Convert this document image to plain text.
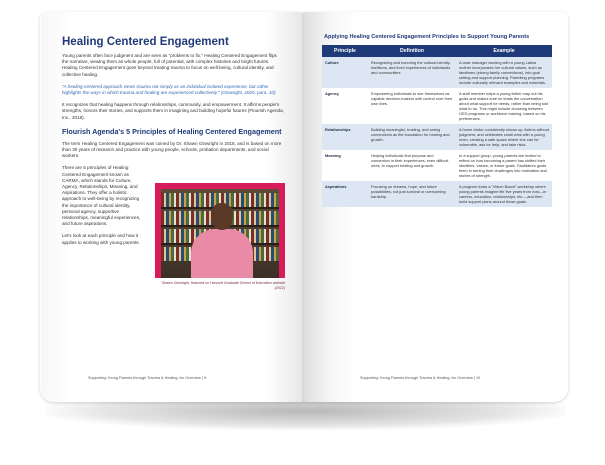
Healing Centered Engagement

Young parents often face judgment and are seen as "problems to fix." Healing Centered Engagement flips the narrative, viewing them as whole people, full of potential, with complex histories and bright futures. Healing Centered Engagement goes beyond treating trauma to focus on well-being, cultural identity, and collective healing.

"A healing-centered approach views trauma not simply as an individual isolated experience, but rather highlights the ways in which trauma and healing are experienced collectively." (Ginwright, 2020, para. 10)

It recognizes that healing happens through relationships, community, and empowerment. It affirms people's strengths, honors their stories, and supports them in imagining and building hopeful futures (Flourish Agenda, Inc., 2018).

Flourish Agenda's 5 Principles of Healing Centered Engagement

The term Healing Centered Engagement was coined by Dr. Shawn Ginwright in 2018, and is based on more than 30 years of research and practice with young people, schools, probation departments, and social workers.

There are 5 principles of Healing Centered Engagement known as CARMA, which stands for Culture, Agency, Relationships, Meaning, and Aspirations. They offer a holistic approach to well-being by recognizing the importance of cultural identity, personal agency, supportive relationships, meaningful experiences, and future aspirations.

Let's look at each principle and how it applies to working with young parents.

Shawn Ginwright, featured on Harvard Graduate School of Education website (2022)
Supporting Young Parents through Trauma & Healing: An Overview | 9
Applying Healing Centered Engagement Principles to Support Young Parents
Principle	Definition	Example
Culture	Recognizing and honoring the cultural identity, traditions, and lived experiences of individuals and communities.	A case manager working with a young Latina mother incorporates her cultural values, such as familismo (strong family connections), into goal setting and support planning. Parenting programs include culturally relevant examples and materials.
Agency	Empowering individuals to see themselves as capable decision-makers with control over their own lives.	A staff member helps a young father map out his goals and makes sure he leads the conversation about what support he needs, rather than being told what to do. This might include choosing between GED programs or workforce training, based on his preferences.
Relationships	Building meaningful, trusting, and caring connections as the foundation for healing and growth.	A home visitor consistently shows up, listens without judgment, and celebrates small wins with a young mom, creating a safe space where she can be vulnerable, ask for help, and take risks.
Meaning	Helping individuals find purpose and connection in their experiences, even difficult ones, to support healing and growth.	In a support group, young parents are invited to reflect on how becoming a parent has shifted their identities, values, or future goals. Facilitators guide them in turning their challenges into motivation and stories of strength.
Aspirations	Focusing on dreams, hope, and future possibilities, not just survival or overcoming hardship.	A program hosts a "Vision Board" workshop where young parents imagine life five years from now—in careers, education, relationships, etc.—and then build support plans around those goals.
Supporting Young Parents through Trauma & Healing: An Overview | 10
